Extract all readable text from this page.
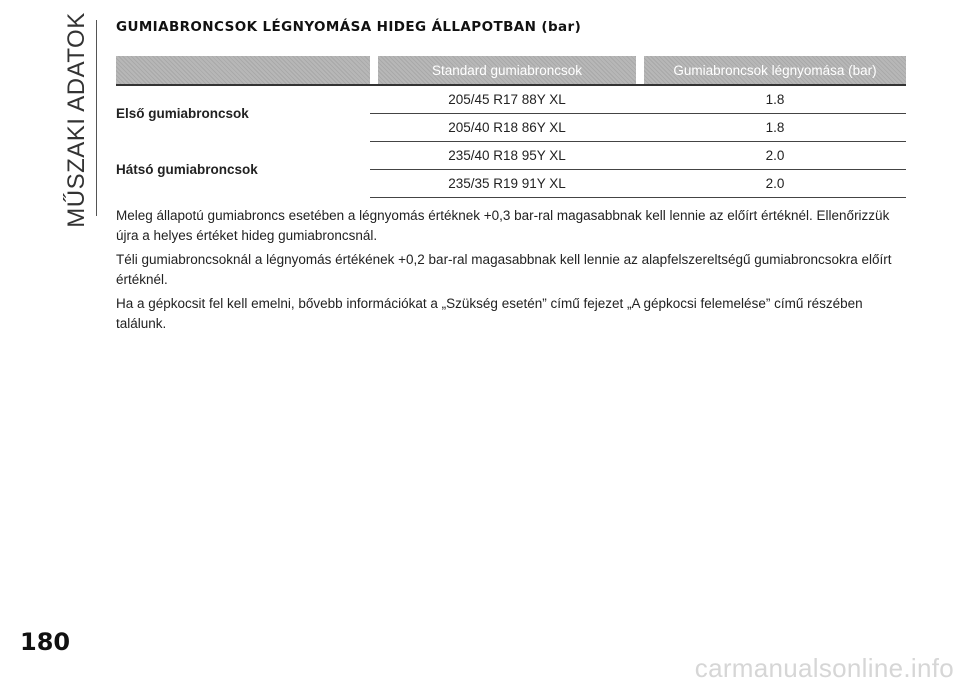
MŰSZAKI ADATOK GUMIABRONCSOK LÉGNYOMÁSA HIDEG ÁLLAPOTBAN (bar)
		Standard gumiabroncsok		Gumiabroncsok légnyomása (bar)
Első gumiabroncsok		205/45 R17 88Y XL		1.8
		205/40 R18 86Y XL		1.8
Hátsó gumiabroncsok		235/40 R18 95Y XL		2.0
		235/35 R19 91Y XL		2.0

Meleg állapotú gumiabroncs esetében a légnyomás értéknek +0,3 bar-ral magasabbnak kell lennie az előírt értéknél. Ellenőrizzük újra a helyes értéket hideg gumiabroncsnál.

Téli gumiabroncsoknál a légnyomás értékének +0,2 bar-ral magasabbnak kell lennie az alapfelszereltségű gumiabroncsokra előírt értéknél.

Ha a gépkocsit fel kell emelni, bővebb információkat a „Szükség esetén” című fejezet „A gépkocsi felemelése” című részében találunk.

180
carmanualsonline.info
